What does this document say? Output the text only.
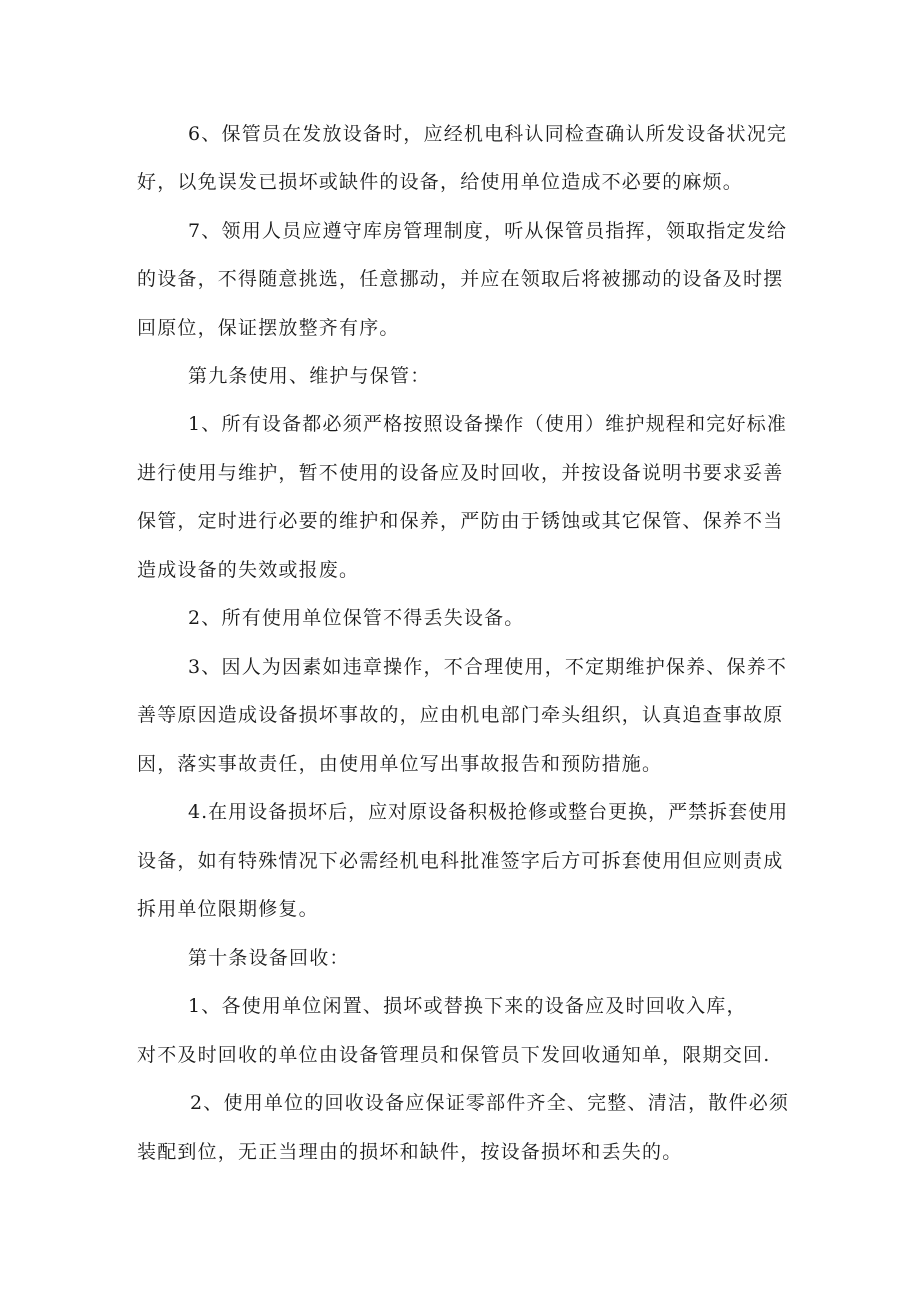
6、保管员在发放设备时，应经机电科认同检查确认所发设备状况完
好，以免误发已损坏或缺件的设备，给使用单位造成不必要的麻烦。
7、领用人员应遵守库房管理制度，听从保管员指挥，领取指定发给
的设备，不得随意挑选，任意挪动，并应在领取后将被挪动的设备及时摆
回原位，保证摆放整齐有序。
第九条使用、维护与保管：
1、所有设备都必须严格按照设备操作（使用）维护规程和完好标准
进行使用与维护，暂不使用的设备应及时回收，并按设备说明书要求妥善
保管，定时进行必要的维护和保养，严防由于锈蚀或其它保管、保养不当
造成设备的失效或报废。
2、所有使用单位保管不得丢失设备。
3、因人为因素如违章操作，不合理使用，不定期维护保养、保养不
善等原因造成设备损坏事故的，应由机电部门牵头组织，认真追查事故原
因，落实事故责任，由使用单位写出事故报告和预防措施。
4.在用设备损坏后，应对原设备积极抢修或整台更换，严禁拆套使用
设备，如有特殊情况下必需经机电科批准签字后方可拆套使用但应则责成
拆用单位限期修复。
第十条设备回收：
1、各使用单位闲置、损坏或替换下来的设备应及时回收入库，
对不及时回收的单位由设备管理员和保管员下发回收通知单，限期交回.
2、使用单位的回收设备应保证零部件齐全、完整、清洁，散件必须
装配到位，无正当理由的损坏和缺件，按设备损坏和丢失的。
